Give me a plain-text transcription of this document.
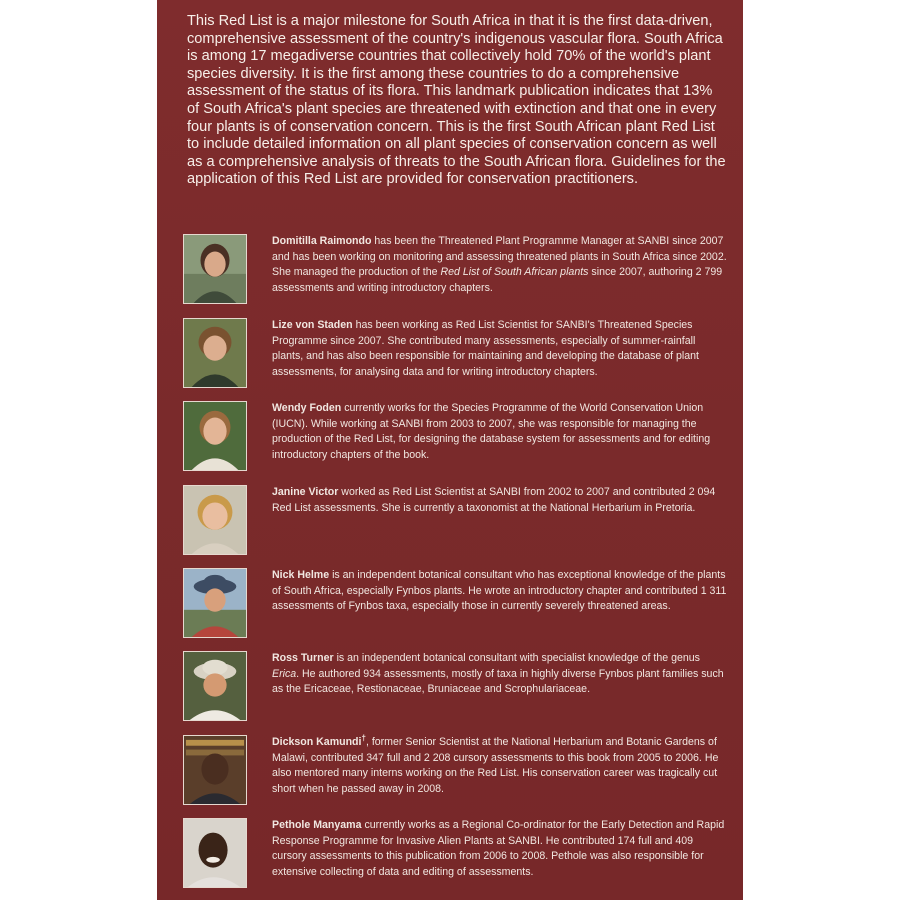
This Red List is a major milestone for South Africa in that it is the first data-driven, comprehensive assessment of the country's indigenous vascular flora. South Africa is among 17 megadiverse countries that collectively hold 70% of the world's plant species diversity. It is the first among these countries to do a comprehensive assessment of the status of its flora. This landmark publication indicates that 13% of South Africa's plant species are threatened with extinction and that one in every four plants is of conservation concern. This is the first South African plant Red List to include detailed information on all plant species of conservation concern as well as a comprehensive analysis of threats to the South African flora. Guidelines for the application of this Red List are provided for conservation practitioners.

Domitilla Raimondo has been the Threatened Plant Programme Manager at SANBI since 2007 and has been working on monitoring and assessing threatened plants in South Africa since 2002. She managed the production of the Red List of South African plants since 2007, authoring 2 799 assessments and writing introductory chapters.

Lize von Staden has been working as Red List Scientist for SANBI's Threatened Species Programme since 2007. She contributed many assessments, especially of summer-rainfall plants, and has also been responsible for maintaining and developing the database of plant assessments, for analysing data and for writing introductory chapters.

Wendy Foden currently works for the Species Programme of the World Conservation Union (IUCN). While working at SANBI from 2003 to 2007, she was responsible for managing the production of the Red List, for designing the database system for assessments and for editing introductory chapters of the book.

Janine Victor worked as Red List Scientist at SANBI from 2002 to 2007 and contributed 2 094 Red List assessments. She is currently a taxonomist at the National Herbarium in Pretoria.

Nick Helme is an independent botanical consultant who has exceptional knowledge of the plants of South Africa, especially Fynbos plants. He wrote an introductory chapter and contributed 1 311 assessments of Fynbos taxa, especially those in currently severely threatened areas.

Ross Turner is an independent botanical consultant with specialist knowledge of the genus Erica. He authored 934 assessments, mostly of taxa in highly diverse Fynbos plant families such as the Ericaceae, Restionaceae, Bruniaceae and Scrophulariaceae.

Dickson Kamundi†, former Senior Scientist at the National Herbarium and Botanic Gardens of Malawi, contributed 347 full and 2 208 cursory assessments to this book from 2005 to 2006. He also mentored many interns working on the Red List. His conservation career was tragically cut short when he passed away in 2008.

Pethole Manyama currently works as a Regional Co-ordinator for the Early Detection and Rapid Response Programme for Invasive Alien Plants at SANBI. He contributed 174 full and 409 cursory assessments to this publication from 2006 to 2008. Pethole was also responsible for extensive collecting of data and editing of assessments.
